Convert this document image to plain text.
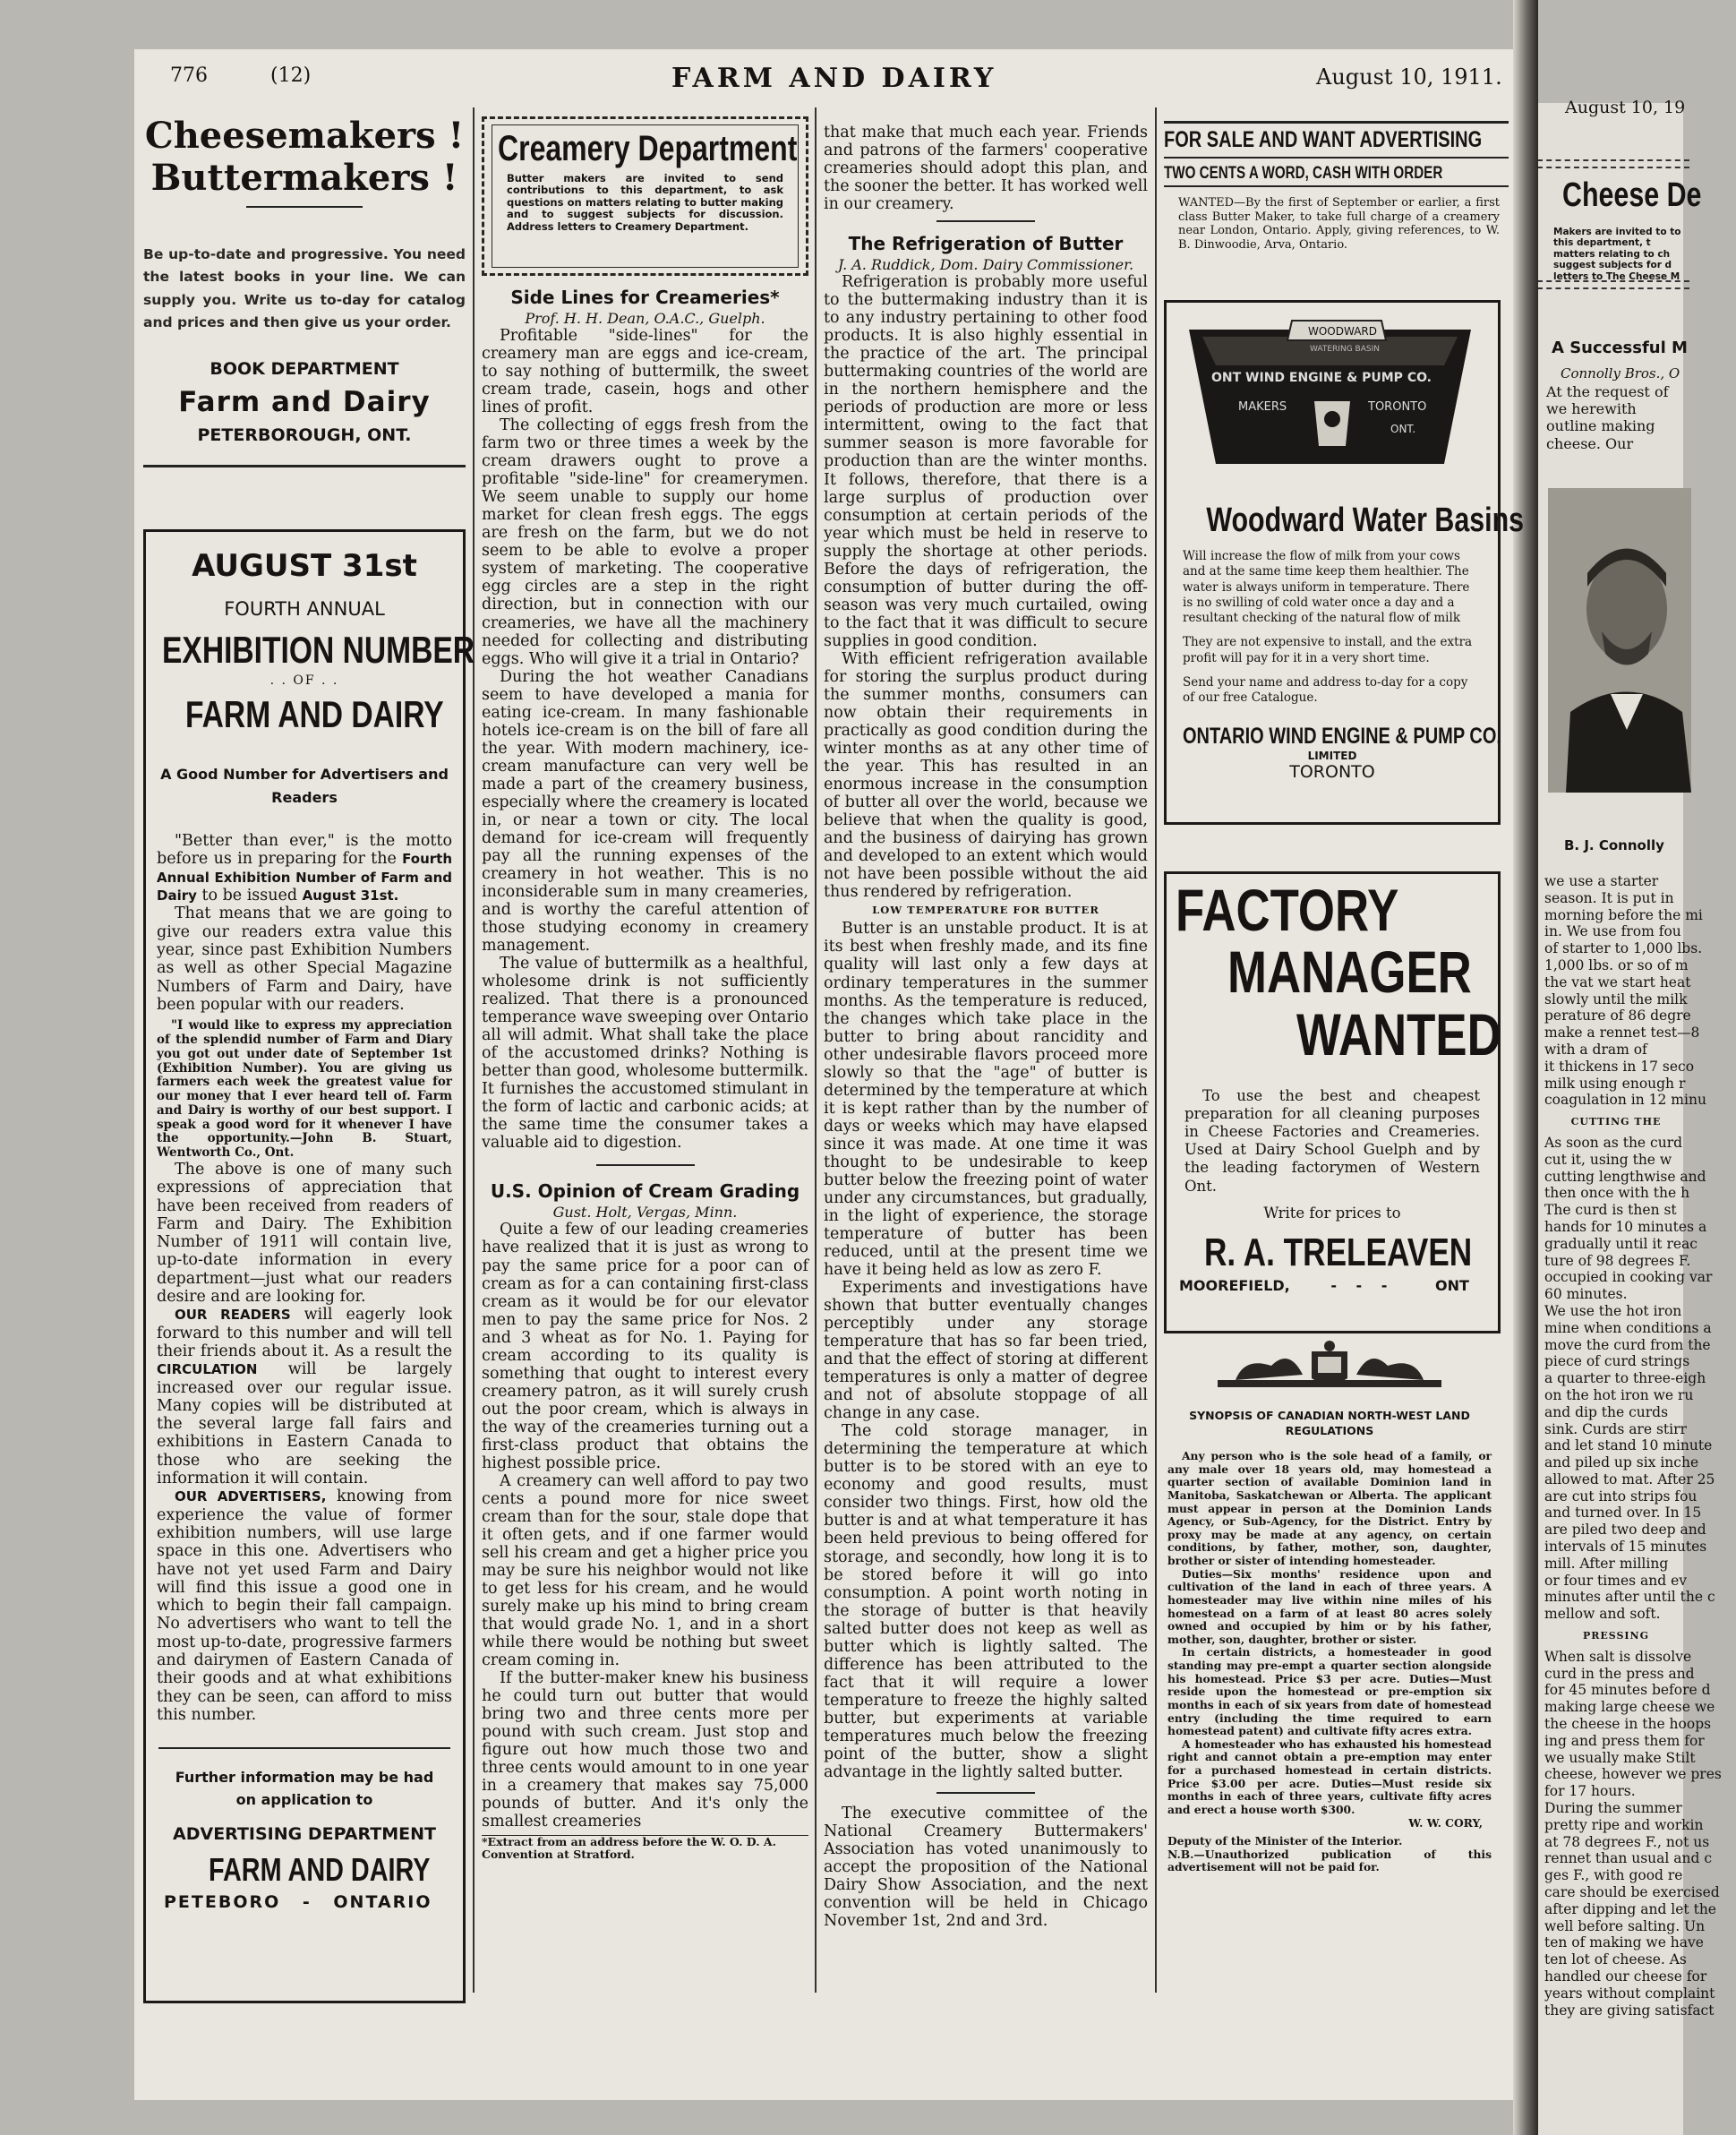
August 10, 19
Cheese De
Makers are invited to to this department, t matters relating to ch suggest subjects for d letters to The Cheese M
A Successful M
Connolly Bros., O
At the request of we herewith outline making cheese. Our
B. J. Connolly
we use a starter
season. It is put in
morning before the mi
in. We use from fou
of starter to 1,000 lbs.
1,000 lbs. or so of m
the vat we start heat
slowly until the milk
perature of 86 degre
make a rennet test—8
with a dram of
it thickens in 17 seco
milk using enough r
coagulation in 12 minu
CUTTING THE
As soon as the curd
cut it, using the w
cutting lengthwise and
then once with the h
The curd is then st
hands for 10 minutes a
gradually until it reac
ture of 98 degrees F.
occupied in cooking var
60 minutes.
We use the hot iron
mine when conditions a
move the curd from the
piece of curd strings
a quarter to three-eigh
on the hot iron we ru
and dip the curds
sink. Curds are stirr
and let stand 10 minute
and piled up six inche
allowed to mat. After 25
are cut into strips fou
and turned over. In 15
are piled two deep and
intervals of 15 minutes
mill. After milling
or four times and ev
minutes after until the c
mellow and soft.
PRESSING
When salt is dissolve
curd in the press and
for 45 minutes before d
making large cheese we
the cheese in the hoops
ing and press them for
we usually make Stilt
cheese, however we pres
for 17 hours.
During the summer
pretty ripe and workin
at 78 degrees F., not us
rennet than usual and c
ges F., with good re
care should be exercised
after dipping and let the
well before salting. Un
ten of making we have
ten lot of cheese. As
handled our cheese for
years without complaint
they are giving satisfact
776	(12)	FARM AND DAIRY	August 10, 1911.
Cheesemakers !
Buttermakers !

Be up-to-date and progressive. You need the latest books in your line. We can supply you. Write us to-day for catalog and prices and then give us your order.

BOOK DEPARTMENT
Farm and Dairy
PETERBOROUGH, ONT.
AUGUST 31st
FOURTH ANNUAL
EXHIBITION NUMBER
. . OF . .
FARM AND DAIRY
A Good Number for Advertisers and Readers

"Better than ever," is the motto before us in preparing for the Fourth Annual Exhibition Number of Farm and Dairy to be issued August 31st.

That means that we are going to give our readers extra value this year, since past Exhibition Numbers as well as other Special Magazine Numbers of Farm and Dairy, have been popular with our readers.

"I would like to express my appreciation of the splendid number of Farm and Diary you got out under date of September 1st (Exhibition Number). You are giving us farmers each week the greatest value for our money that I ever heard tell of. Farm and Dairy is worthy of our best support. I speak a good word for it whenever I have the opportunity.—John B. Stuart, Wentworth Co., Ont.

The above is one of many such expressions of appreciation that have been received from readers of Farm and Dairy. The Exhibition Number of 1911 will contain live, up-to-date information in every department—just what our readers desire and are looking for.

OUR READERS will eagerly look forward to this number and will tell their friends about it. As a result the CIRCULATION will be largely increased over our regular issue. Many copies will be distributed at the several large fall fairs and exhibitions in Eastern Canada to those who are seeking the information it will contain.

OUR ADVERTISERS, knowing from experience the value of former exhibition numbers, will use large space in this one. Advertisers who have not yet used Farm and Dairy will find this issue a good one in which to begin their fall campaign. No advertisers who want to tell the most up-to-date, progressive farmers and dairymen of Eastern Canada of their goods and at what exhibitions they can be seen, can afford to miss this number.

Further information may be had on application to
ADVERTISING DEPARTMENT
FARM AND DAIRY
PETEBORO - ONTARIO
Creamery Department
Butter makers are invited to send contributions to this department, to ask questions on matters relating to butter making and to suggest subjects for discussion. Address letters to Creamery Department.
Side Lines for Creameries*
Prof. H. H. Dean, O.A.C., Guelph.

Profitable "side-lines" for the creamery man are eggs and ice-cream, to say nothing of buttermilk, the sweet cream trade, casein, hogs and other lines of profit.

The collecting of eggs fresh from the farm two or three times a week by the cream drawers ought to prove a profitable "side-line" for creamerymen. We seem unable to supply our home market for clean fresh eggs. The eggs are fresh on the farm, but we do not seem to be able to evolve a proper system of marketing. The cooperative egg circles are a step in the right direction, but in connection with our creameries, we have all the machinery needed for collecting and distributing eggs. Who will give it a trial in Ontario?

During the hot weather Canadians seem to have developed a mania for eating ice-cream. In many fashionable hotels ice-cream is on the bill of fare all the year. With modern machinery, ice-cream manufacture can very well be made a part of the creamery business, especially where the creamery is located in, or near a town or city. The local demand for ice-cream will frequently pay all the running expenses of the creamery in hot weather. This is no inconsiderable sum in many creameries, and is worthy the careful attention of those studying economy in creamery management.

The value of buttermilk as a healthful, wholesome drink is not sufficiently realized. That there is a pronounced temperance wave sweeping over Ontario all will admit. What shall take the place of the accustomed drinks? Nothing is better than good, wholesome buttermilk. It furnishes the accustomed stimulant in the form of lactic and carbonic acids; at the same time the consumer takes a valuable aid to digestion.

U.S. Opinion of Cream Grading
Gust. Holt, Vergas, Minn.

Quite a few of our leading creameries have realized that it is just as wrong to pay the same price for a poor can of cream as for a can containing first-class cream as it would be for our elevator men to pay the same price for Nos. 2 and 3 wheat as for No. 1. Paying for cream according to its quality is something that ought to interest every creamery patron, as it will surely crush out the poor cream, which is always in the way of the creameries turning out a first-class product that obtains the highest possible price.

A creamery can well afford to pay two cents a pound more for nice sweet cream than for the sour, stale dope that it often gets, and if one farmer would sell his cream and get a higher price you may be sure his neighbor would not like to get less for his cream, and he would surely make up his mind to bring cream that would grade No. 1, and in a short while there would be nothing but sweet cream coming in.

If the butter-maker knew his business he could turn out butter that would bring two and three cents more per pound with such cream. Just stop and figure out how much those two and three cents would amount to in one year in a creamery that makes say 75,000 pounds of butter. And it's only the smallest creameries

*Extract from an address before the W. O. D. A. Convention at Stratford.

that make that much each year. Friends and patrons of the farmers' cooperative creameries should adopt this plan, and the sooner the better. It has worked well in our creamery.

The Refrigeration of Butter
J. A. Ruddick, Dom. Dairy Commissioner.

Refrigeration is probably more useful to the buttermaking industry than it is to any industry pertaining to other food products. It is also highly essential in the practice of the art. The principal buttermaking countries of the world are in the northern hemisphere and the periods of production are more or less intermittent, owing to the fact that summer season is more favorable for production than are the winter months. It follows, therefore, that there is a large surplus of production over consumption at certain periods of the year which must be held in reserve to supply the shortage at other periods. Before the days of refrigeration, the consumption of butter during the off-season was very much curtailed, owing to the fact that it was difficult to secure supplies in good condition.

With efficient refrigeration available for storing the surplus product during the summer months, consumers can now obtain their requirements in practically as good condition during the winter months as at any other time of the year. This has resulted in an enormous increase in the consumption of butter all over the world, because we believe that when the quality is good, and the business of dairying has grown and developed to an extent which would not have been possible without the aid thus rendered by refrigeration.

LOW TEMPERATURE FOR BUTTER

Butter is an unstable product. It is at its best when freshly made, and its fine quality will last only a few days at ordinary temperatures in the summer months. As the temperature is reduced, the changes which take place in the butter to bring about rancidity and other undesirable flavors proceed more slowly so that the "age" of butter is determined by the temperature at which it is kept rather than by the number of days or weeks which may have elapsed since it was made. At one time it was thought to be undesirable to keep butter below the freezing point of water under any circumstances, but gradually, in the light of experience, the storage temperature of butter has been reduced, until at the present time we have it being held as low as zero F.

Experiments and investigations have shown that butter eventually changes perceptibly under any storage temperature that has so far been tried, and that the effect of storing at different temperatures is only a matter of degree and not of absolute stoppage of all change in any case.

The cold storage manager, in determining the temperature at which butter is to be stored with an eye to economy and good results, must consider two things. First, how old the butter is and at what temperature it has been held previous to being offered for storage, and secondly, how long it is to be stored before it will go into consumption. A point worth noting in the storage of butter is that heavily salted butter does not keep as well as butter which is lightly salted. The difference has been attributed to the fact that it will require a lower temperature to freeze the highly salted butter, but experiments at variable temperatures much below the freezing point of the butter, show a slight advantage in the lightly salted butter.

The executive committee of the National Creamery Buttermakers' Association has voted unanimously to accept the proposition of the National Dairy Show Association, and the next convention will be held in Chicago November 1st, 2nd and 3rd.

FOR SALE AND WANT ADVERTISING
TWO CENTS A WORD, CASH WITH ORDER

WANTED—By the first of September or earlier, a first class Butter Maker, to take full charge of a creamery near London, Ontario. Apply, giving references, to W. B. Dinwoodie, Arva, Ontario.

WOODWARD
WATERING BASIN
ONT WIND ENGINE & PUMP CO.
MAKERS	TORONTO
ONT.
Woodward Water Basins

Will increase the flow of milk from your cows and at the same time keep them healthier. The water is always uniform in temperature. There is no swilling of cold water once a day and a resultant checking of the natural flow of milk

They are not expensive to install, and the extra profit will pay for it in a very short time.

Send your name and address to-day for a copy of our free Catalogue.

ONTARIO WIND ENGINE & PUMP CO.
LIMITED
TORONTO
FACTORY
MANAGER
WANTED

To use the best and cheapest preparation for all cleaning purposes in Cheese Factories and Creameries. Used at Dairy School Guelph and by the leading factorymen of Western Ont.

Write for prices to
R. A. TRELEAVEN
MOOREFIELD,	- - -	ONT
SYNOPSIS OF CANADIAN NORTH-WEST LAND REGULATIONS

Any person who is the sole head of a family, or any male over 18 years old, may homestead a quarter section of available Dominion land in Manitoba, Saskatchewan or Alberta. The applicant must appear in person at the Dominion Lands Agency, or Sub-Agency, for the District. Entry by proxy may be made at any agency, on certain conditions, by father, mother, son, daughter, brother or sister of intending homesteader.

Duties—Six months' residence upon and cultivation of the land in each of three years. A homesteader may live within nine miles of his homestead on a farm of at least 80 acres solely owned and occupied by him or by his father, mother, son, daughter, brother or sister.

In certain districts, a homesteader in good standing may pre-empt a quarter section alongside his homestead. Price $3 per acre. Duties—Must reside upon the homestead or pre-emption six months in each of six years from date of homestead entry (including the time required to earn homestead patent) and cultivate fifty acres extra.

A homesteader who has exhausted his homestead right and cannot obtain a pre-emption may enter for a purchased homestead in certain districts. Price $3.00 per acre. Duties—Must reside six months in each of three years, cultivate fifty acres and erect a house worth $300.

W. W. CORY,

Deputy of the Minister of the Interior.

N.B.—Unauthorized publication of this advertisement will not be paid for.
